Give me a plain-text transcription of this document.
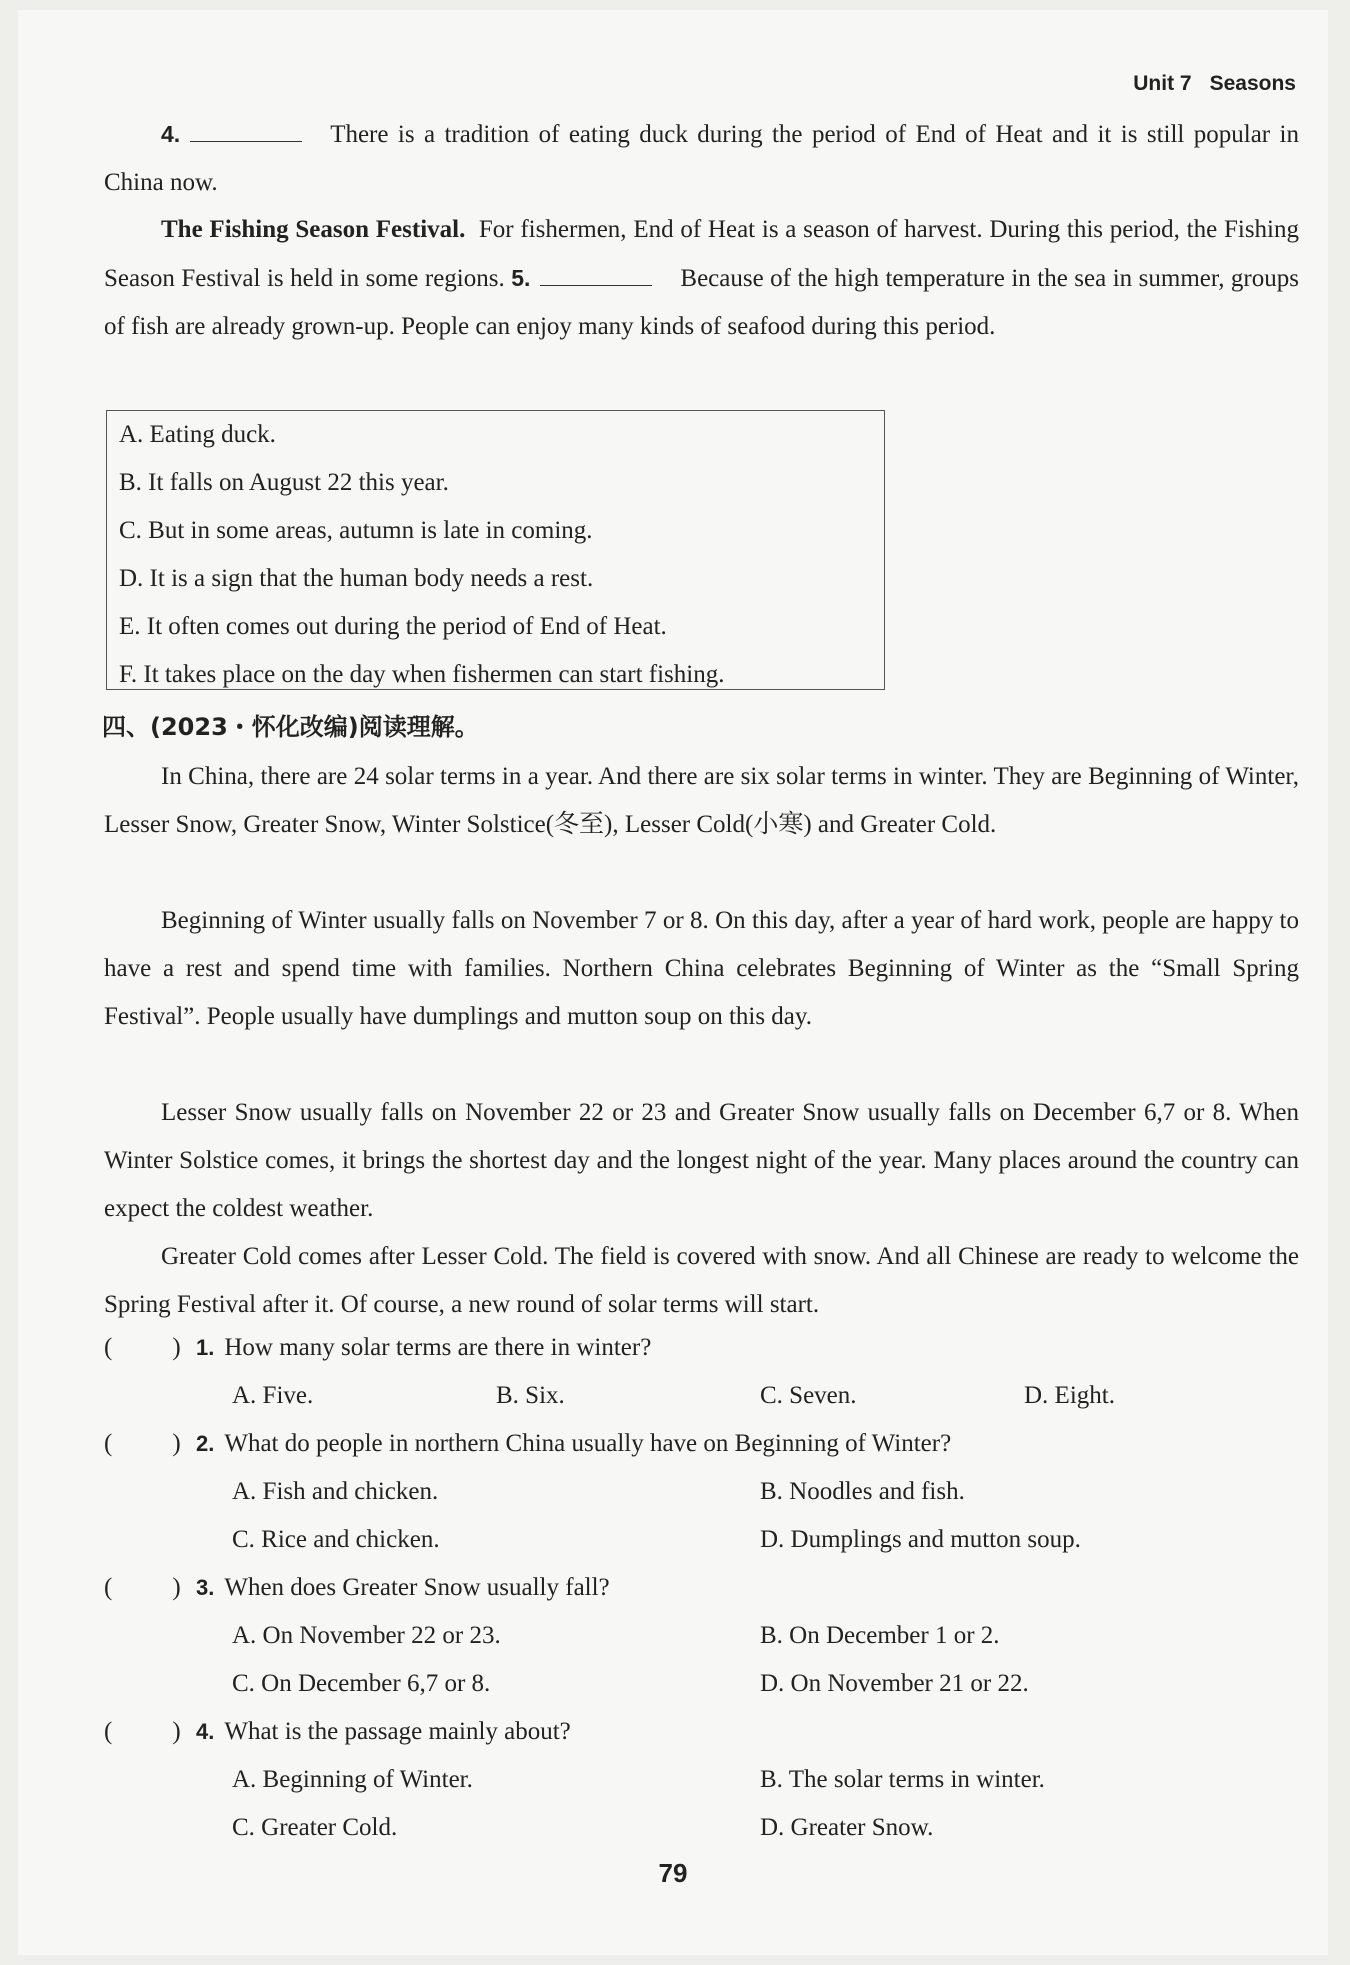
Unit 7 Seasons
4.	There is a tradition of eating duck during the period of End of Heat and it is still popular in China now.
The Fishing Season Festival. For fishermen, End of Heat is a season of harvest. During this period, the Fishing Season Festival is held in some regions. 5.	Because of the high temperature in the sea in summer, groups of fish are already grown-up. People can enjoy many kinds of seafood during this period.
A. Eating duck.
B. It falls on August 22 this year.
C. But in some areas, autumn is late in coming.
D. It is a sign that the human body needs a rest.
E. It often comes out during the period of End of Heat.
F. It takes place on the day when fishermen can start fishing.
四、(2023・怀化改编)阅读理解。
In China, there are 24 solar terms in a year. And there are six solar terms in winter. They are Beginning of Winter, Lesser Snow, Greater Snow, Winter Solstice(冬至), Lesser Cold(小寒) and Greater Cold.
Beginning of Winter usually falls on November 7 or 8. On this day, after a year of hard work, people are happy to have a rest and spend time with families. Northern China celebrates Beginning of Winter as the “Small Spring Festival”. People usually have dumplings and mutton soup on this day.
Lesser Snow usually falls on November 22 or 23 and Greater Snow usually falls on December 6,7 or 8. When Winter Solstice comes, it brings the shortest day and the longest night of the year. Many places around the country can expect the coldest weather.
Greater Cold comes after Lesser Cold. The field is covered with snow. And all Chinese are ready to welcome the Spring Festival after it. Of course, a new round of solar terms will start.
( ) 1. How many solar terms are there in winter?
A. Five.	B. Six.	C. Seven.	D. Eight.
( ) 2. What do people in northern China usually have on Beginning of Winter?
A. Fish and chicken.	B. Noodles and fish.
C. Rice and chicken.	D. Dumplings and mutton soup.
( ) 3. When does Greater Snow usually fall?
A. On November 22 or 23.	B. On December 1 or 2.
C. On December 6,7 or 8.	D. On November 21 or 22.
( ) 4. What is the passage mainly about?
A. Beginning of Winter.	B. The solar terms in winter.
C. Greater Cold.	D. Greater Snow.
79
